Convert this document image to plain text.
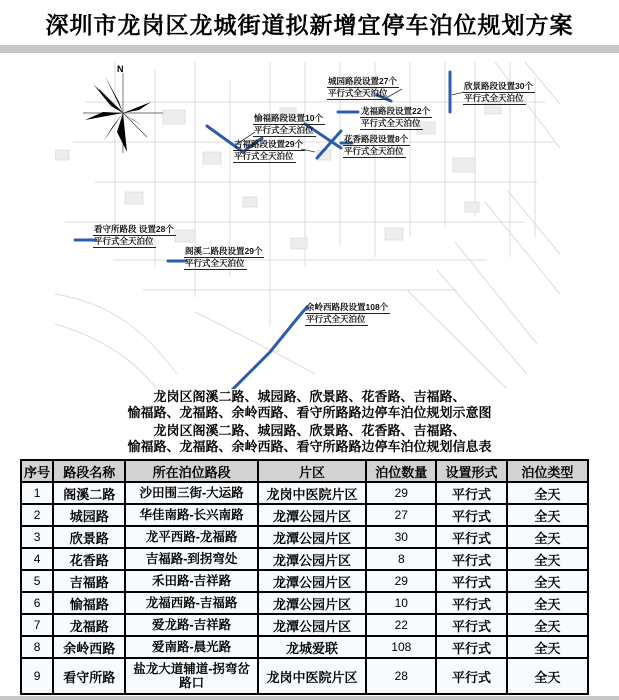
深圳市龙岗区龙城街道拟新增宜停车泊位规划方案
N
城园路段设置27个
平行式全天泊位
欣景路段设置30个
平行式全天泊位
愉福路段设置10个
平行式全天泊位
龙福路段设置22个
平行式全天泊位
吉福路段设置29个
平行式全天泊位
花香路段设置8个
平行式全天泊位
看守所路段 设置28个
平行式全天泊位
阁溪二路段设置29个
平行式全天泊位
余岭西路段设置108个
平行式全天泊位
龙岗区阁溪二路、城园路、欣景路、花香路、吉福路、
愉福路、龙福路、余岭西路、看守所路路边停车泊位规划示意图
龙岗区阁溪二路、城园路、欣景路、花香路、吉福路、
愉福路、龙福路、余岭西路、看守所路路边停车泊位规划信息表
序号	路段名称	所在泊位路段	片区	泊位数量	设置形式	泊位类型
1	阁溪二路	沙田围三街-大运路	龙岗中医院片区	29	平行式	全天
2	城园路	华佳南路-长兴南路	龙潭公园片区	27	平行式	全天
3	欣景路	龙平西路-龙福路	龙潭公园片区	30	平行式	全天
4	花香路	吉福路-到拐弯处	龙潭公园片区	8	平行式	全天
5	吉福路	禾田路-吉祥路	龙潭公园片区	29	平行式	全天
6	愉福路	龙福西路-吉福路	龙潭公园片区	10	平行式	全天
7	龙福路	爱龙路-吉祥路	龙潭公园片区	22	平行式	全天
8	余岭西路	爱南路-晨光路	龙城爱联	108	平行式	全天
9	看守所路	盐龙大道辅道-拐弯岔路口	龙岗中医院片区	28	平行式	全天
